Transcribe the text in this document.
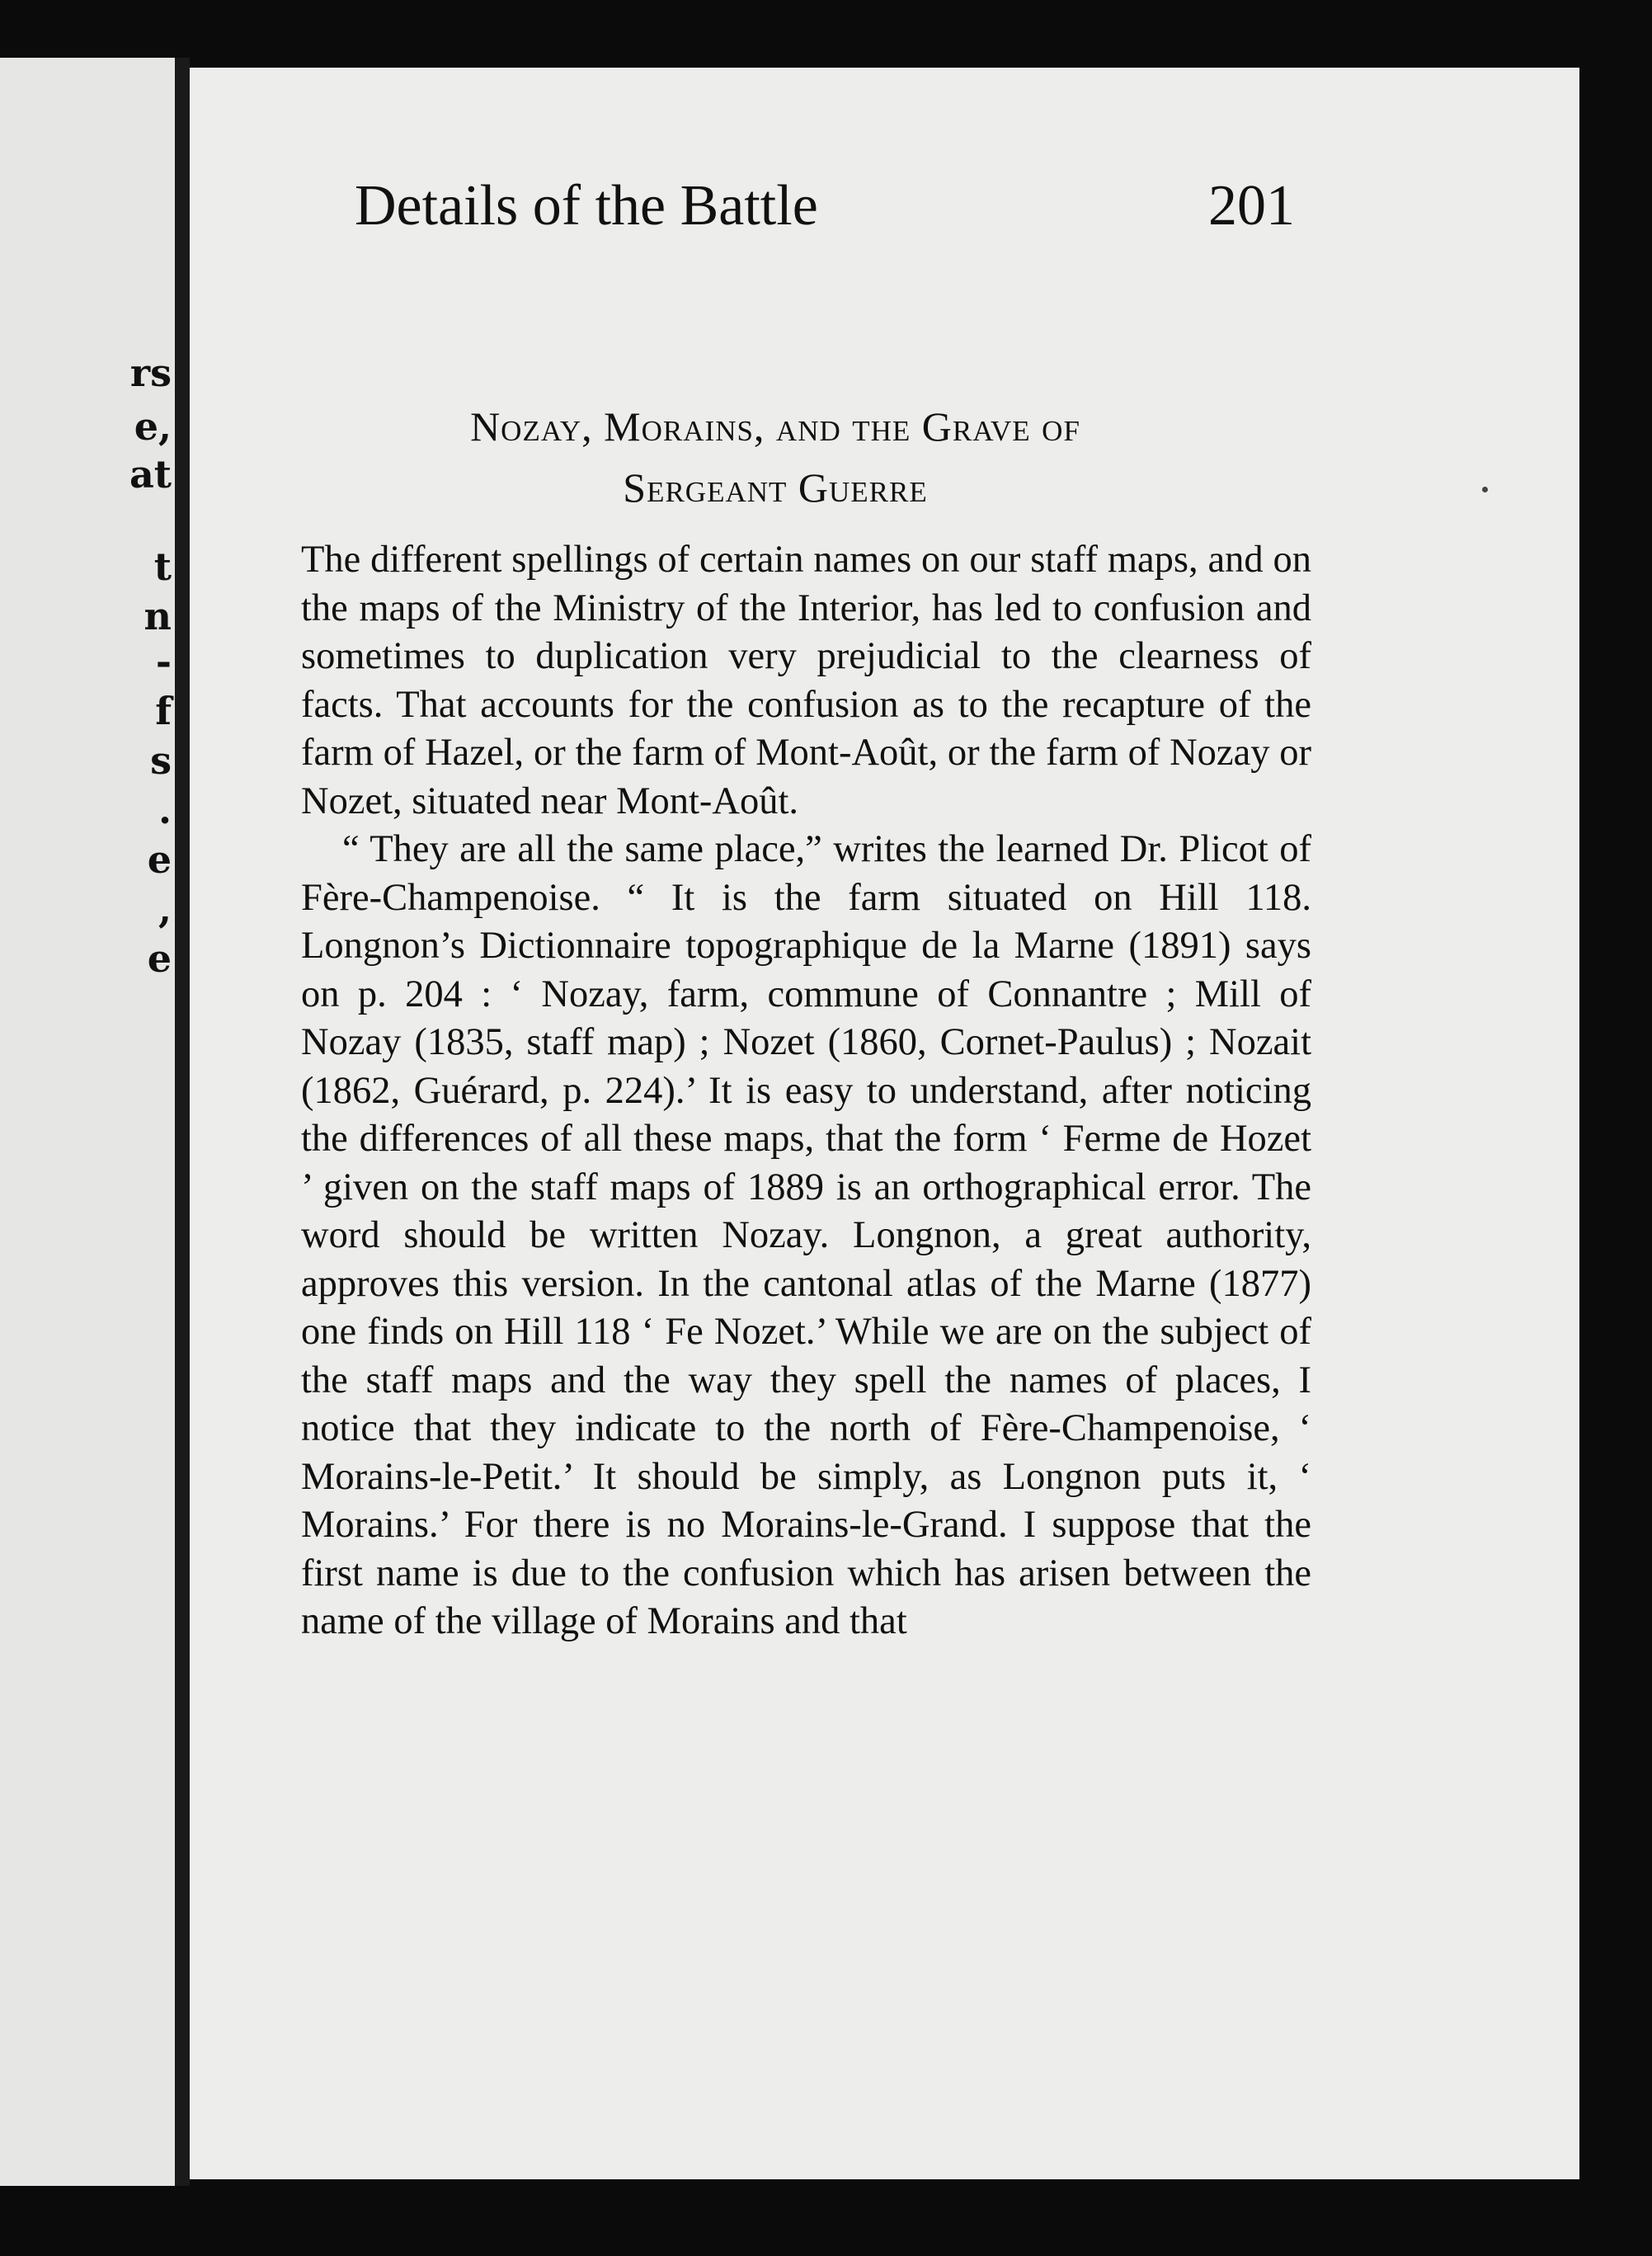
rs
e,
at
t
n
-
f
s
.
e
,
e
Details of the Battle	201
Nozay, Morains, and the Grave of
Sergeant Guerre

The different spellings of certain names on our staff maps, and on the maps of the Ministry of the Interior, has led to confusion and sometimes to duplication very prejudicial to the clearness of facts. That accounts for the confusion as to the recapture of the farm of Hazel, or the farm of Mont-Août, or the farm of Nozay or Nozet, situated near Mont-Août.

“ They are all the same place,” writes the learned Dr. Plicot of Fère-Champenoise. “ It is the farm situated on Hill 118. Longnon’s Dictionnaire topographique de la Marne (1891) says on p. 204 : ‘ Nozay, farm, commune of Connantre ; Mill of Nozay (1835, staff map) ; Nozet (1860, Cornet-Paulus) ; Nozait (1862, Guérard, p. 224).’ It is easy to understand, after noticing the differences of all these maps, that the form ‘ Ferme de Hozet ’ given on the staff maps of 1889 is an orthographical error. The word should be written Nozay. Longnon, a great authority, approves this version. In the cantonal atlas of the Marne (1877) one finds on Hill 118 ‘ Fe Nozet.’ While we are on the subject of the staff maps and the way they spell the names of places, I notice that they indicate to the north of Fère-Champenoise, ‘ Morains-le-Petit.’ It should be simply, as Longnon puts it, ‘ Morains.’ For there is no Morains-le-Grand. I suppose that the first name is due to the confusion which has arisen between the name of the village of Morains and that
